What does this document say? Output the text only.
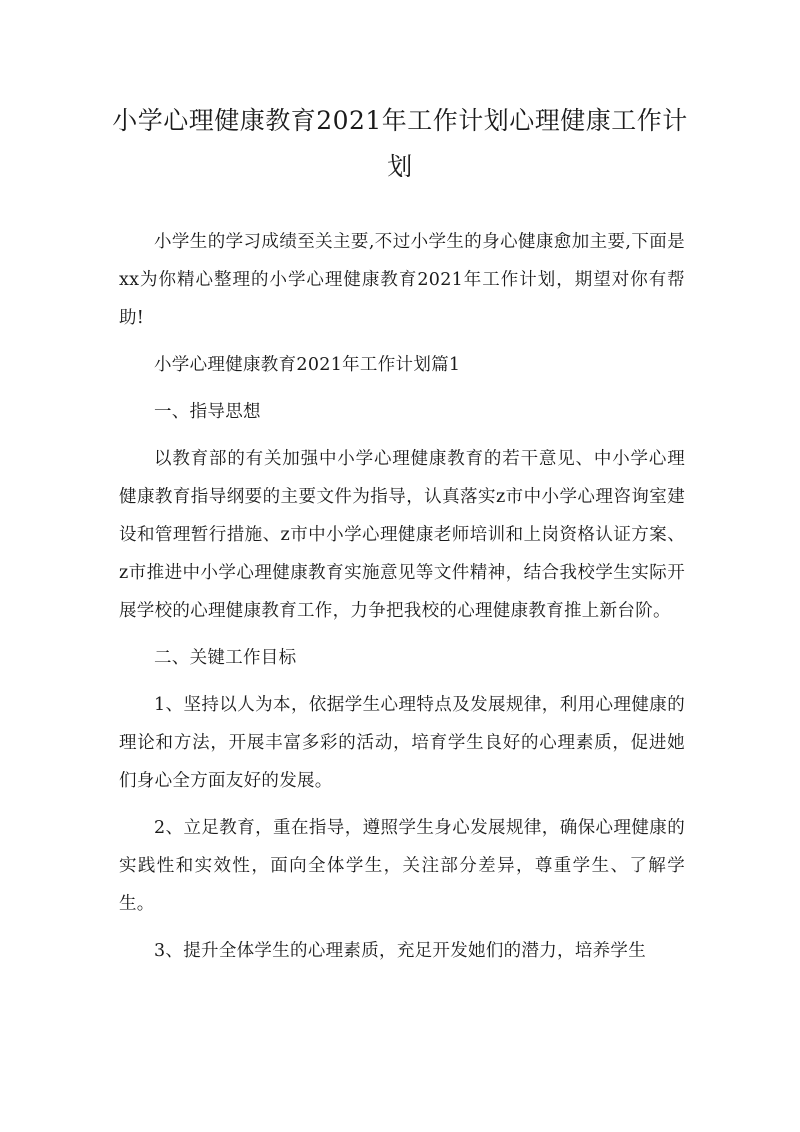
小学心理健康教育2021年工作计划心理健康工作计划

小学生的学习成绩至关主要,不过小学生的身心健康愈加主要,下面是xx为你精心整理的小学心理健康教育2021年工作计划，期望对你有帮助!

小学心理健康教育2021年工作计划篇1

一、指导思想

以教育部的有关加强中小学心理健康教育的若干意见、中小学心理健康教育指导纲要的主要文件为指导，认真落实z市中小学心理咨询室建设和管理暂行措施、z市中小学心理健康老师培训和上岗资格认证方案、z市推进中小学心理健康教育实施意见等文件精神，结合我校学生实际开展学校的心理健康教育工作，力争把我校的心理健康教育推上新台阶。

二、关键工作目标

1、坚持以人为本，依据学生心理特点及发展规律，利用心理健康的理论和方法，开展丰富多彩的活动，培育学生良好的心理素质，促进她们身心全方面友好的发展。

2、立足教育，重在指导，遵照学生身心发展规律，确保心理健康的实践性和实效性，面向全体学生，关注部分差异，尊重学生、了解学生。

3、提升全体学生的心理素质，充足开发她们的潜力，培养学生
